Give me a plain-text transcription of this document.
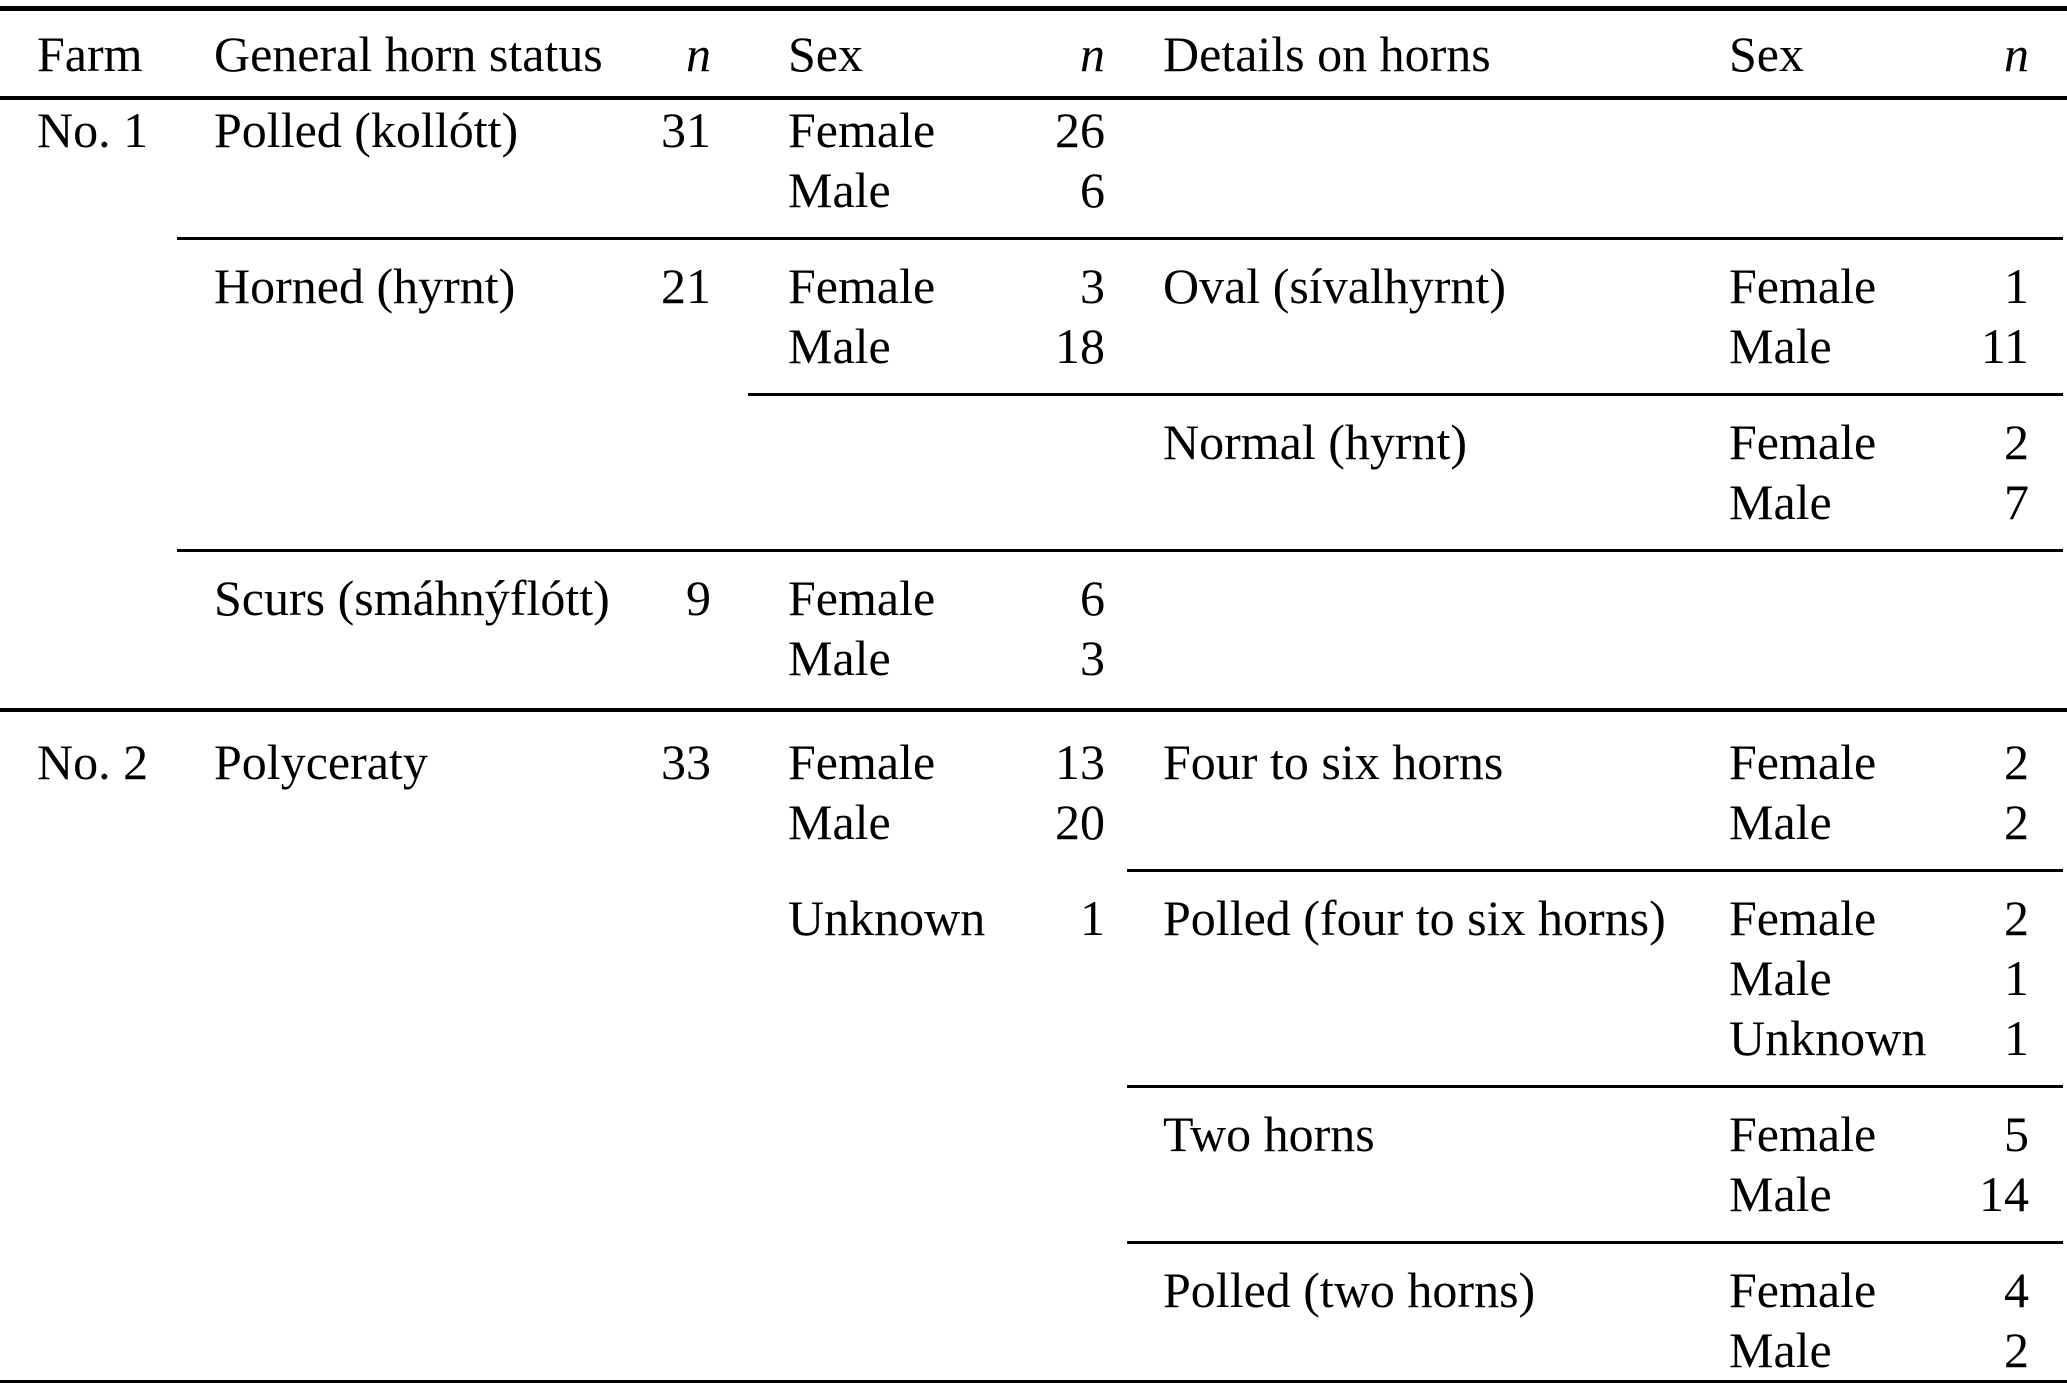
Farm	General horn status	n	Sex	n	Details on horns	Sex	n
No. 1	Polled (kollótt)	31	Female	26			
			Male	6			

	Horned (hyrnt)	21	Female	3	Oval (sívalhyrnt)	Female	1
			Male	18		Male	11

					Normal (hyrnt)	Female	2
						Male	7

	Scurs (smáhnýflótt)	9	Female	6			
			Male	3			

No. 2	Polyceraty	33	Female	13	Four to six horns	Female	2
			Male	20		Male	2

			Unknown	1	Polled (four to six horns)	Female	2
						Male	1
						Unknown	1

					Two horns	Female	5
						Male	14

					Polled (two horns)	Female	4
						Male	2
